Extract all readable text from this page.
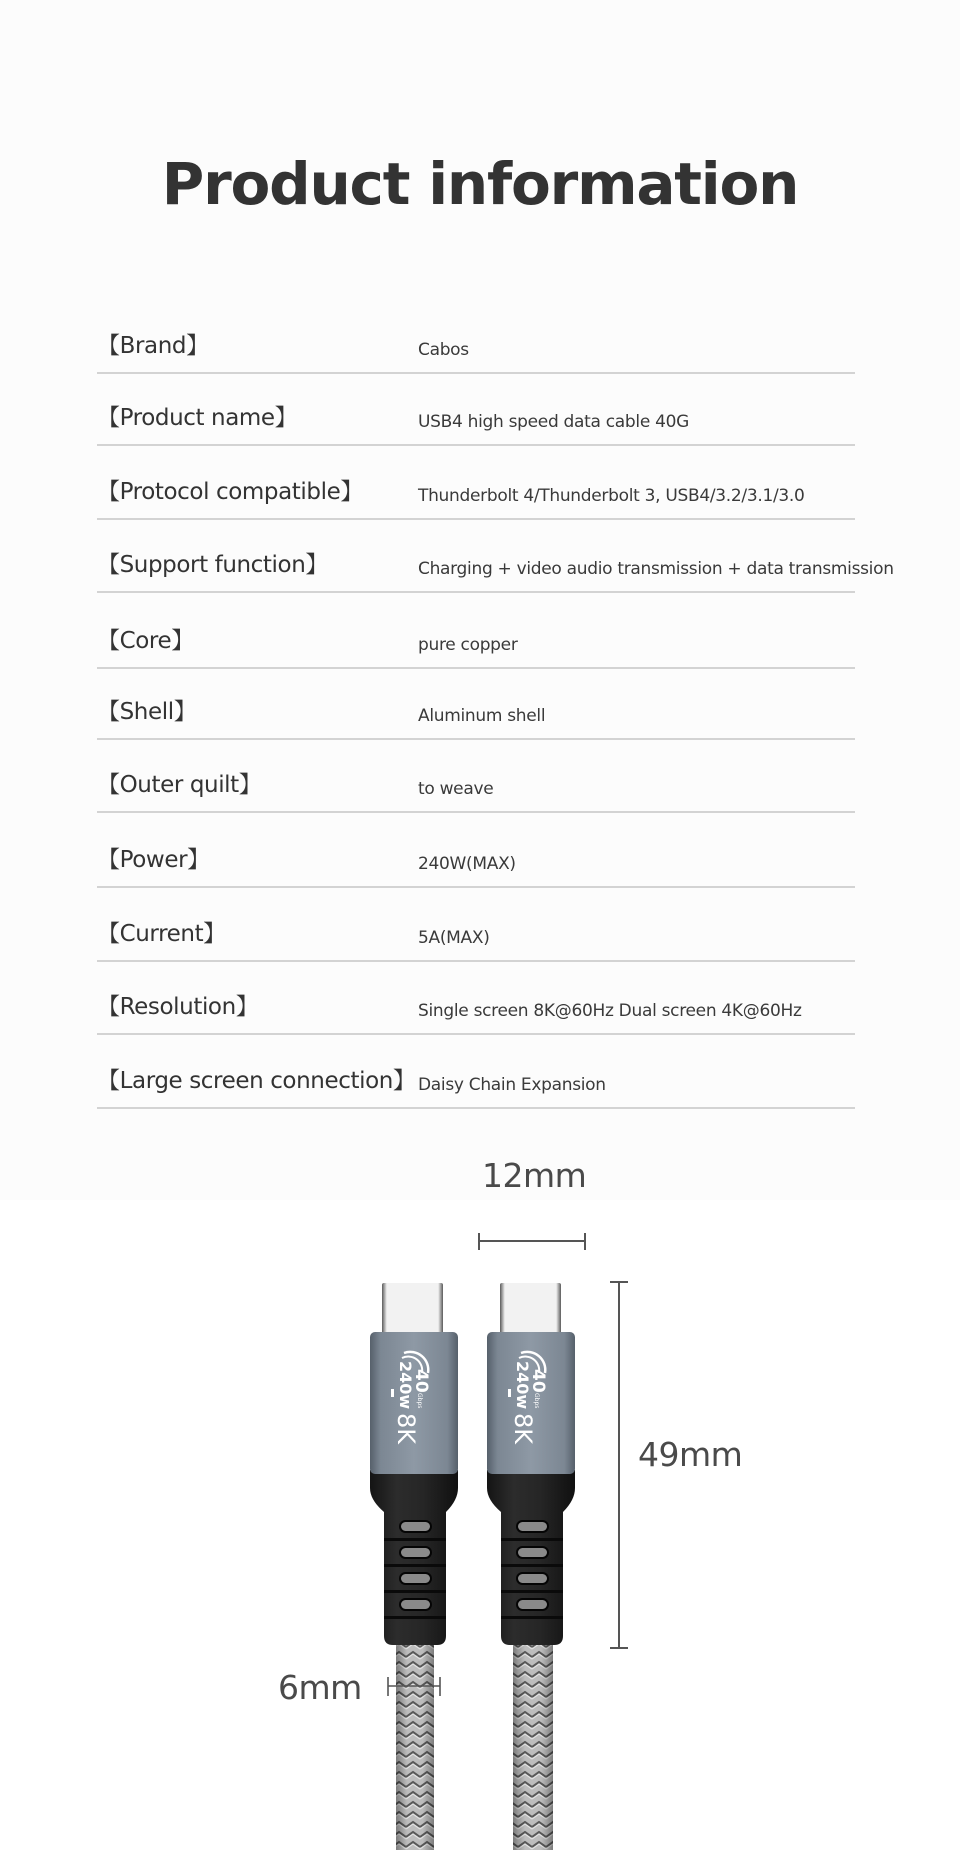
Product information
【Brand】	Cabos
【Product name】	USB4 high speed data cable 40G
【Protocol compatible】	Thunderbolt 4/Thunderbolt 3, USB4/3.2/3.1/3.0
【Support function】	Charging + video audio transmission + data transmission
【Core】	pure copper
【Shell】	Aluminum shell
【Outer quilt】	to weave
【Power】	240W(MAX)
【Current】	5A(MAX)
【Resolution】	Single screen 8K@60Hz Dual screen 4K@60Hz
【Large screen connection】 Daisy Chain Expansion
12mm
49mm
6mm
40
Gbps
240w
8K
40
Gbps
240w
8K
